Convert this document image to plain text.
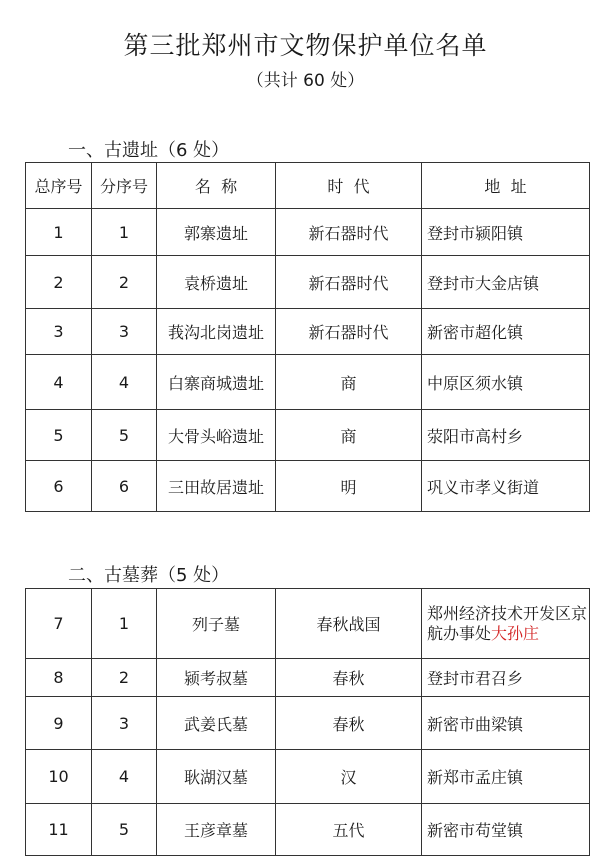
第三批郑州市文物保护单位名单
（共计 60 处）
一、古遗址（6 处）
总序号	分序号	名  称	时  代	地  址
1	1	郭寨遗址	新石器时代	登封市颍阳镇
2	2	袁桥遗址	新石器时代	登封市大金店镇
3	3	莪沟北岗遗址	新石器时代	新密市超化镇
4	4	白寨商城遗址	商	中原区须水镇
5	5	大骨头峪遗址	商	荥阳市高村乡
6	6	三田故居遗址	明	巩义市孝义街道
二、古墓葬（5 处）
7	1	列子墓	春秋战国	郑州经济技术开发区京航办事处大孙庄
8	2	颍考叔墓	春秋	登封市君召乡
9	3	武姜氏墓	春秋	新密市曲梁镇
10	4	耿湖汉墓	汉	新郑市孟庄镇
11	5	王彦章墓	五代	新密市苟堂镇
